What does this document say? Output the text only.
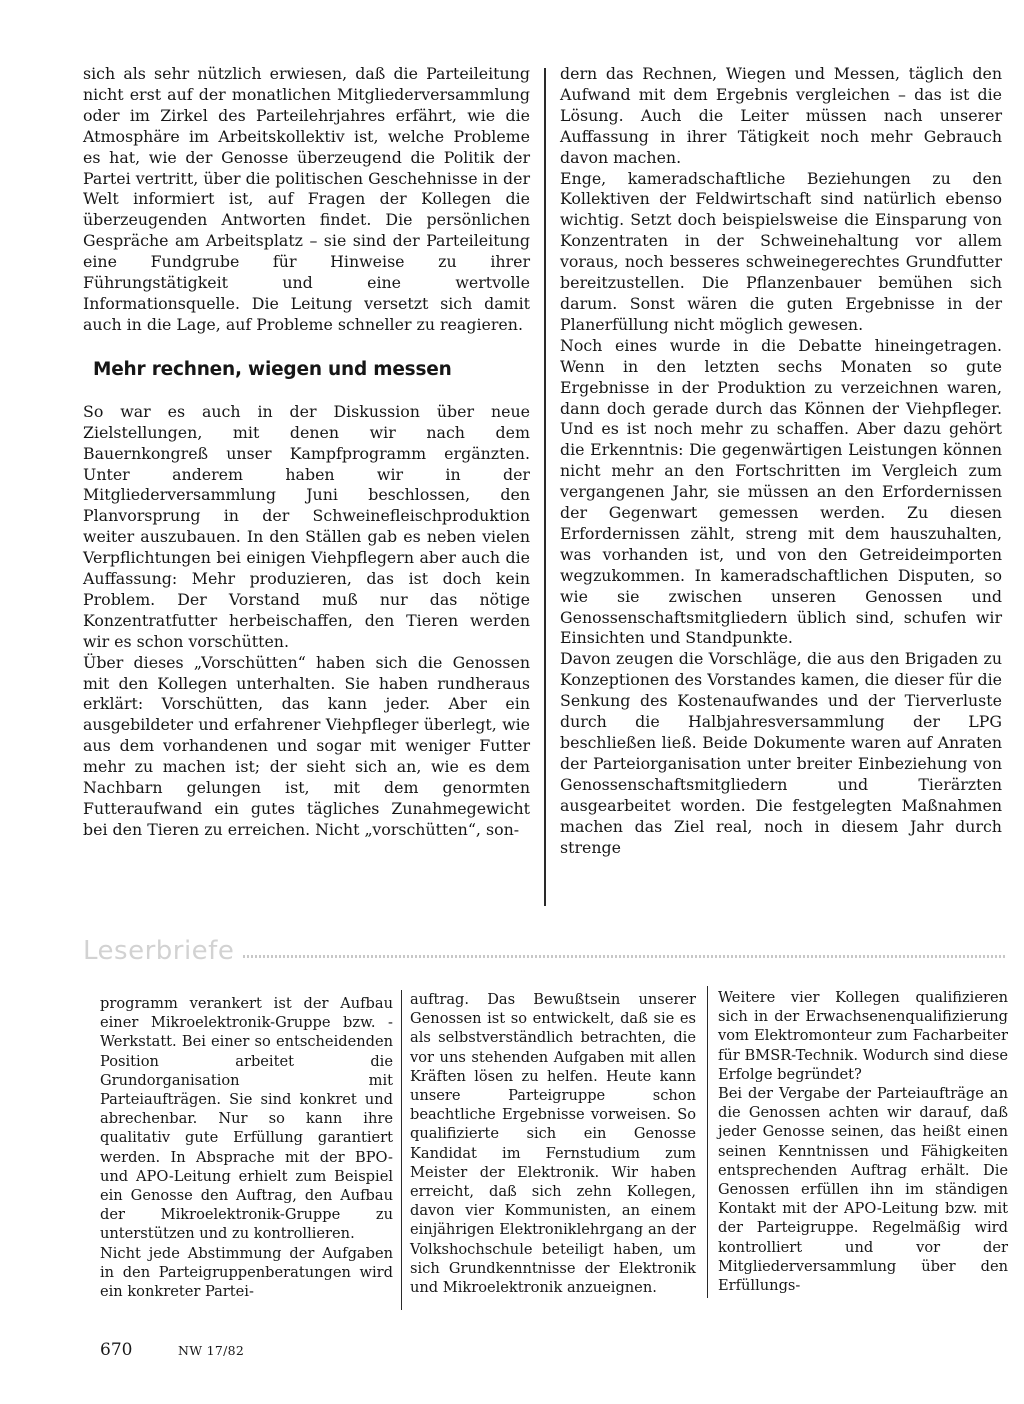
sich als sehr nützlich erwiesen, daß die Parteileitung nicht erst auf der monatlichen Mitgliederversammlung oder im Zirkel des Parteilehrjahres erfährt, wie die Atmosphäre im Arbeitskollektiv ist, welche Probleme es hat, wie der Genosse überzeugend die Politik der Partei vertritt, über die politischen Geschehnisse in der Welt informiert ist, auf Fragen der Kollegen die überzeugenden Antworten findet. Die persönlichen Gespräche am Arbeitsplatz – sie sind der Parteileitung eine Fundgrube für Hinweise zu ihrer Führungstätigkeit und eine wertvolle Informationsquelle. Die Leitung versetzt sich damit auch in die Lage, auf Probleme schneller zu reagieren.

Mehr rechnen, wiegen und messen

So war es auch in der Diskussion über neue Zielstellungen, mit denen wir nach dem Bauernkongreß unser Kampfprogramm ergänzten. Unter anderem haben wir in der Mitgliederversammlung Juni beschlossen, den Planvorsprung in der Schweinefleischproduktion weiter auszubauen. In den Ställen gab es neben vielen Verpflichtungen bei einigen Viehpflegern aber auch die Auffassung: Mehr produzieren, das ist doch kein Problem. Der Vorstand muß nur das nötige Konzentratfutter herbeischaffen, den Tieren werden wir es schon vorschütten.

Über dieses „Vorschütten“ haben sich die Genossen mit den Kollegen unterhalten. Sie haben rundheraus erklärt: Vorschütten, das kann jeder. Aber ein ausgebildeter und erfahrener Viehpfleger überlegt, wie aus dem vorhandenen und sogar mit weniger Futter mehr zu machen ist; der sieht sich an, wie es dem Nachbarn gelungen ist, mit dem genormten Futteraufwand ein gutes tägliches Zunahmegewicht bei den Tieren zu erreichen. Nicht „vorschütten“, son-

dern das Rechnen, Wiegen und Messen, täglich den Aufwand mit dem Ergebnis vergleichen – das ist die Lösung. Auch die Leiter müssen nach unserer Auffassung in ihrer Tätigkeit noch mehr Gebrauch davon machen.

Enge, kameradschaftliche Beziehungen zu den Kollektiven der Feldwirtschaft sind natürlich ebenso wichtig. Setzt doch beispielsweise die Einsparung von Konzentraten in der Schweinehaltung vor allem voraus, noch besseres schweinegerechtes Grundfutter bereitzustellen. Die Pflanzenbauer bemühen sich darum. Sonst wären die guten Ergebnisse in der Planerfüllung nicht möglich gewesen.

Noch eines wurde in die Debatte hineingetragen. Wenn in den letzten sechs Monaten so gute Ergebnisse in der Produktion zu verzeichnen waren, dann doch gerade durch das Können der Viehpfleger. Und es ist noch mehr zu schaffen. Aber dazu gehört die Erkenntnis: Die gegenwärtigen Leistungen können nicht mehr an den Fortschritten im Vergleich zum vergangenen Jahr, sie müssen an den Erfordernissen der Gegenwart gemessen werden. Zu diesen Erfordernissen zählt, streng mit dem hauszuhalten, was vorhanden ist, und von den Getreideimporten wegzukommen. In kameradschaftlichen Disputen, so wie sie zwischen unseren Genossen und Genossenschaftsmitgliedern üblich sind, schufen wir Einsichten und Standpunkte.

Davon zeugen die Vorschläge, die aus den Brigaden zu Konzeptionen des Vorstandes kamen, die dieser für die Senkung des Kostenaufwandes und der Tierverluste durch die Halbjahresversammlung der LPG beschließen ließ. Beide Dokumente waren auf Anraten der Parteiorganisation unter breiter Einbeziehung von Genossenschaftsmitgliedern und Tierärzten ausgearbeitet worden. Die festgelegten Maßnahmen machen das Ziel real, noch in diesem Jahr durch strenge

Leserbriefe

programm verankert ist der Aufbau einer Mikroelektronik-Gruppe bzw. -Werkstatt. Bei einer so entscheidenden Position arbeitet die Grundorganisation mit Parteiaufträgen. Sie sind konkret und abrechenbar. Nur so kann ihre qualitativ gute Erfüllung garantiert werden. In Absprache mit der BPO- und APO-Leitung erhielt zum Beispiel ein Genosse den Auftrag, den Aufbau der Mikroelektronik-Gruppe zu unterstützen und zu kontrollieren.

Nicht jede Abstimmung der Aufgaben in den Parteigruppenberatungen wird ein konkreter Partei-

auftrag. Das Bewußtsein unserer Genossen ist so entwickelt, daß sie es als selbstverständlich betrachten, die vor uns stehenden Aufgaben mit allen Kräften lösen zu helfen. Heute kann unsere Parteigruppe schon beachtliche Ergebnisse vorweisen. So qualifizierte sich ein Genosse Kandidat im Fernstudium zum Meister der Elektronik. Wir haben erreicht, daß sich zehn Kollegen, davon vier Kommunisten, an einem einjährigen Elektroniklehrgang an der Volkshochschule beteiligt haben, um sich Grundkenntnisse der Elektronik und Mikroelektronik anzueignen.

Weitere vier Kollegen qualifizieren sich in der Erwachsenenqualifizierung vom Elektromonteur zum Facharbeiter für BMSR-Technik. Wodurch sind diese Erfolge begründet?

Bei der Vergabe der Parteiaufträge an die Genossen achten wir darauf, daß jeder Genosse seinen, das heißt einen seinen Kenntnissen und Fähigkeiten entsprechenden Auftrag erhält. Die Genossen erfüllen ihn im ständigen Kontakt mit der APO-Leitung bzw. mit der Parteigruppe. Regelmäßig wird kontrolliert und vor der Mitgliederversammlung über den Erfüllungs-

670	NW 17/82
